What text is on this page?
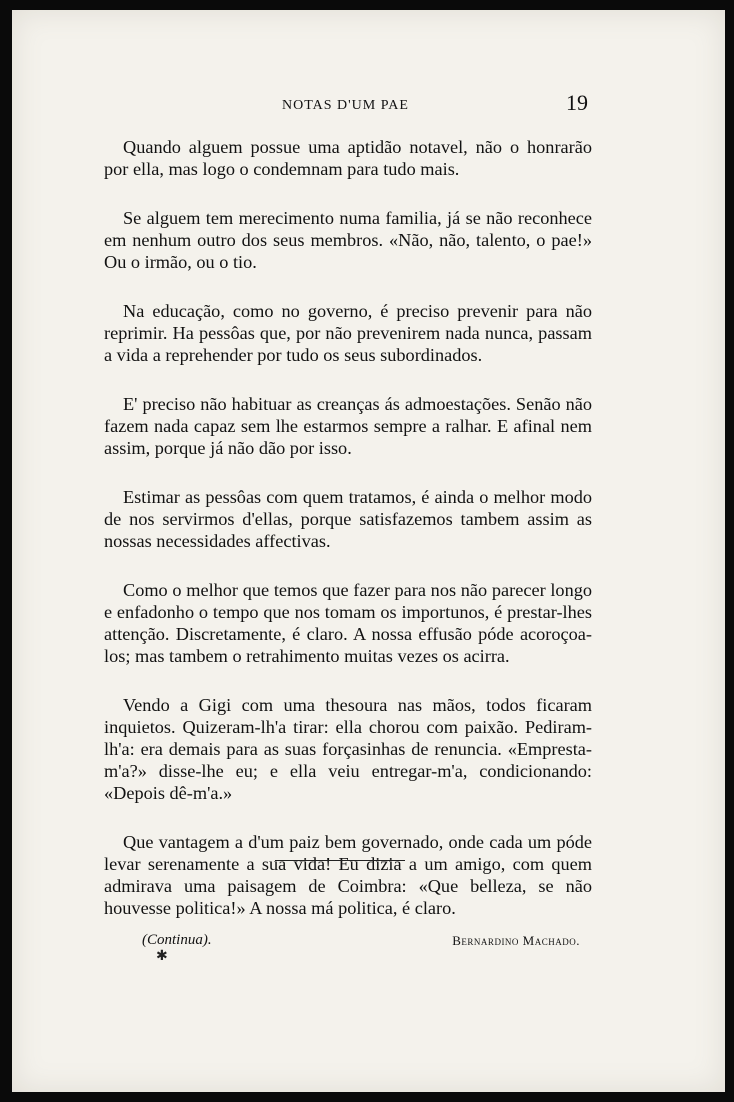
NOTAS D'UM PAE	19

Quando alguem possue uma aptidão notavel, não o honrarão por ella, mas logo o condemnam para tudo mais.

Se alguem tem merecimento numa familia, já se não reconhece em nenhum outro dos seus membros. «Não, não, talento, o pae!» Ou o irmão, ou o tio.

Na educação, como no governo, é preciso prevenir para não reprimir. Ha pessôas que, por não prevenirem nada nunca, passam a vida a reprehender por tudo os seus subordinados.

E' preciso não habituar as creanças ás admoestações. Senão não fazem nada capaz sem lhe estarmos sempre a ralhar. E afinal nem assim, porque já não dão por isso.

Estimar as pessôas com quem tratamos, é ainda o melhor modo de nos servirmos d'ellas, porque satisfazemos tambem assim as nossas necessidades affectivas.

Como o melhor que temos que fazer para nos não parecer longo e enfadonho o tempo que nos tomam os importunos, é prestar-lhes attenção. Discretamente, é claro. A nossa effusão póde acoroçoa-los; mas tambem o retrahimento muitas vezes os acirra.

Vendo a Gigi com uma thesoura nas mãos, todos ficaram inquietos. Quizeram-lh'a tirar: ella chorou com paixão. Pediram-lh'a: era demais para as suas forçasinhas de renuncia. «Empresta-m'a?» disse-lhe eu; e ella veiu entregar-m'a, condicionando: «Depois dê-m'a.»

Que vantagem a d'um paiz bem governado, onde cada um póde levar serenamente a sua vida! Eu dizia a um amigo, com quem admirava uma paisagem de Coimbra: «Que belleza, se não houvesse politica!» A nossa má politica, é claro.

(Continua).	Bernardino Machado.
✱
